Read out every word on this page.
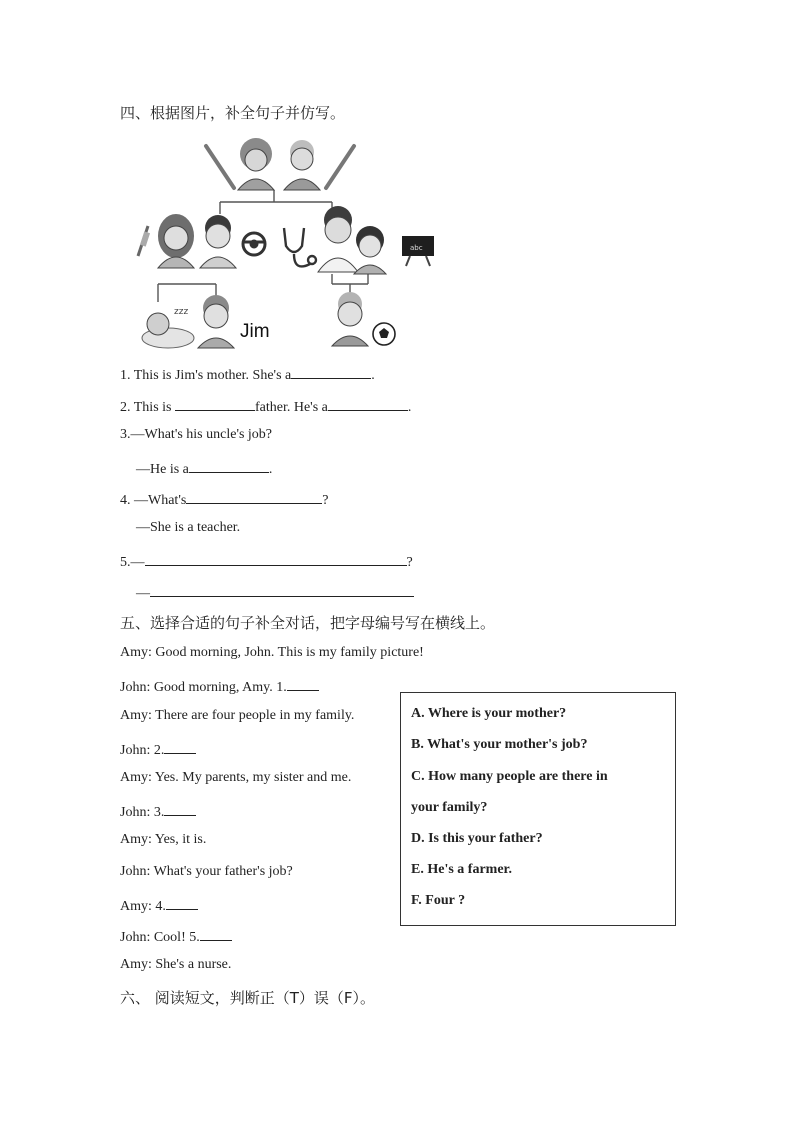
四、根据图片，补全句子并仿写。
abc
zzz
Jim
1. This is Jim's mother. She's a	.
2. This is	father. He's a	.
3.—What's his uncle's job?
—He is a	.
4. —What's	?
—She is a teacher.
5.—	?
—
五、选择合适的句子补全对话，把字母编号写在横线上。
Amy: Good morning, John. This is my family picture!
John: Good morning, Amy. 1.
Amy: There are four people in my family.
John: 2.
Amy: Yes. My parents, my sister and me.
John: 3.
Amy: Yes, it is.
John: What's your father's job?
Amy: 4.
John: Cool! 5.
Amy: She's a nurse.
A. Where is your mother?
B. What's your mother's job?
C. How many people are there in
your family?
D. Is this your father?
E. He's a farmer.
F. Four ?
六、 阅读短文，判断正（T）误（F）。
